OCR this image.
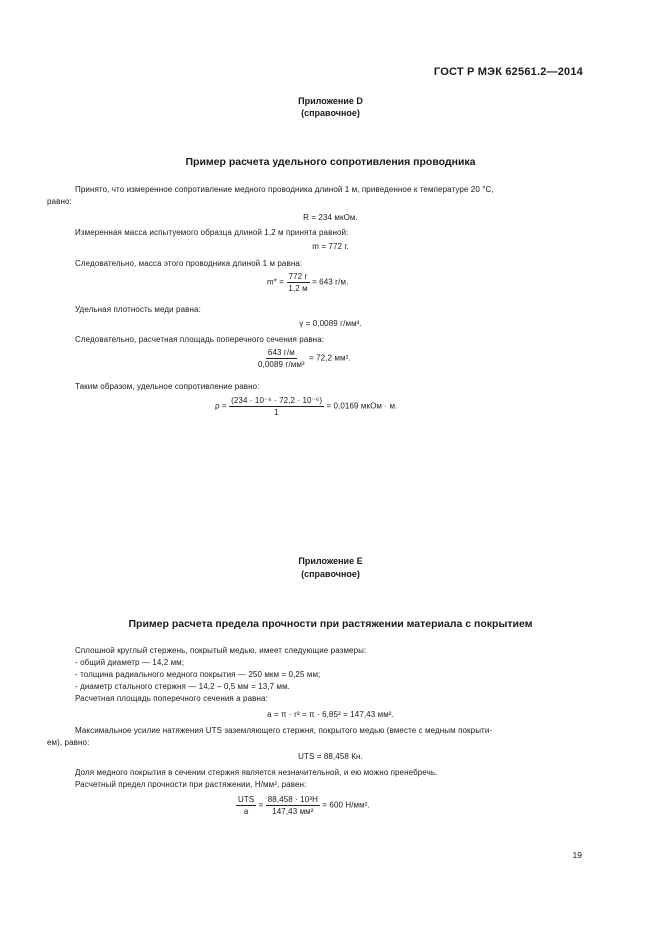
ГОСТ Р МЭК 62561.2—2014
Приложение D
(справочное)
Пример расчета удельного сопротивления проводника
Принято, что измеренное сопротивление медного проводника длиной 1 м, приведенное к температуре 20 °C,
равно:
R = 234 мкОм.
Измеренная масса испытуемого образца длиной 1,2 м принята равной:
m = 772 г.
Следовательно, масса этого проводника длиной 1 м равна:
$m* = \frac{772 г}{1,2 м} = 643$ г/м.
Удельная плотность меди равна:
γ = 0,0089 г/мм³.
Следовательно, расчетная площадь поперечного сечения равна:
$\frac{643 г/м}{\text{0,0089 г/мм³}} = 72,2$ мм².
Таким образом, удельное сопротивление равно:
$\rho = \frac{\text{(234 · 10⁻⁶ · 72,2 · 10⁻⁶)}}{1} = 0,0169$ мкОм · м.
Приложение E
(справочное)
Пример расчета предела прочности при растяжении материала с покрытием
Сплошной круглый стержень, покрытый медью, имеет следующие размеры:
- общий диаметр — 14,2 мм;
- толщина радиального медного покрытия — 250 мкм = 0,25 мм;
- диаметр стального стержня — 14,2 – 0,5 мм = 13,7 мм.
Расчетная площадь поперечного сечения а равна:
a = π · r² = π · 6,85² = 147,43 мм².
Максимальное усилие натяжения UTS заземляющего стержня, покрытого медью (вместе с медным покрыти-
ем), равно:
UTS = 88,458 Кн.
Доля медного покрытия в сечении стержня является незначительной, и ею можно пренебречь.
Расчетный предел прочности при растяжении, Н/мм², равен:
$\frac{\text{UTS}}{a} = \frac{\text{88,458 · 10³H}}{\text{147,43 мм²}} = 600$ Н/мм².
19
